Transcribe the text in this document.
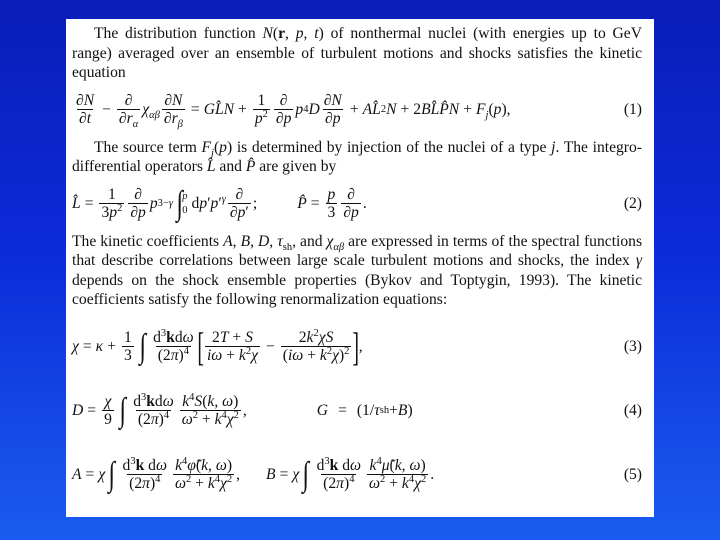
The distribution function N(r, p, t) of nonthermal nuclei (with energies up to GeV range) averaged over an ensemble of turbulent motions and shocks satisfies the kinetic equation

$\frac{\partial N}{\partial t} - \frac{\partial}{\partial r_\alpha} \chi_{\alpha\beta} \frac{\partial N}{\partial r_\beta} = G$ L̂N + $\frac{1}{p^2} \frac{\partial}{\partial p}$ p 4 D $\frac{\partial N}{\partial p}$ + AL̂ 2 N + 2 BL̂P̂N + $F_j$ ( p ),	(1)

The source term $F_j(p)$ is determined by injection of the nuclei of a type j. The integro-differential operators L̂ and P̂ are given by

L̂ = $\frac{1}{3p^2} \frac{\partial}{\partial p}$ p 3−γ ∫ p
0 $dp'p'^\gamma \frac{\partial}{\partial p'}$ ;	P̂ = $\frac{p}{3} \frac{\partial}{\partial p}$ .	(2)

The kinetic coefficients A, B, D, $\tau_{sh}$, and $\chi_{\alpha\beta}$ are expressed in terms of the spectral functions that describe correlations between large scale turbulent motions and shocks, the index γ depends on the shock ensemble properties (Bykov and Toptygin, 1993). The kinetic coefficients satisfy the following renormalization equations:

$\chi = \kappa + \frac{1}{3}$ ∫ $\frac{d^3kd\omega}{(2\pi)^4}$ [ $\frac{2T + S}{i\omega + k^2\chi} - \frac{2k^2\chi S}{(i\omega + k^2\chi)^2}$ ] ,	(3)
$D = \frac{\chi}{9}$ ∫ $\frac{d^3kd\omega}{(2\pi)^4} \frac{k^4S(k, \omega)}{\omega^2 + k^4\chi^2}$ ,	G = (1/ τ sh + B )	(4)
A = χ ∫ $\frac{d^3k d\omega}{(2\pi)^4} \frac{k^4\varphĩ(k, \omega)}{\omega^2 + k^4\chi^2}$ , B = χ ∫ $\frac{d^3k d\omega}{(2\pi)^4} \frac{k^4\mũ(k, \omega)}{\omega^2 + k^4\chi^2}$ .	(5)
